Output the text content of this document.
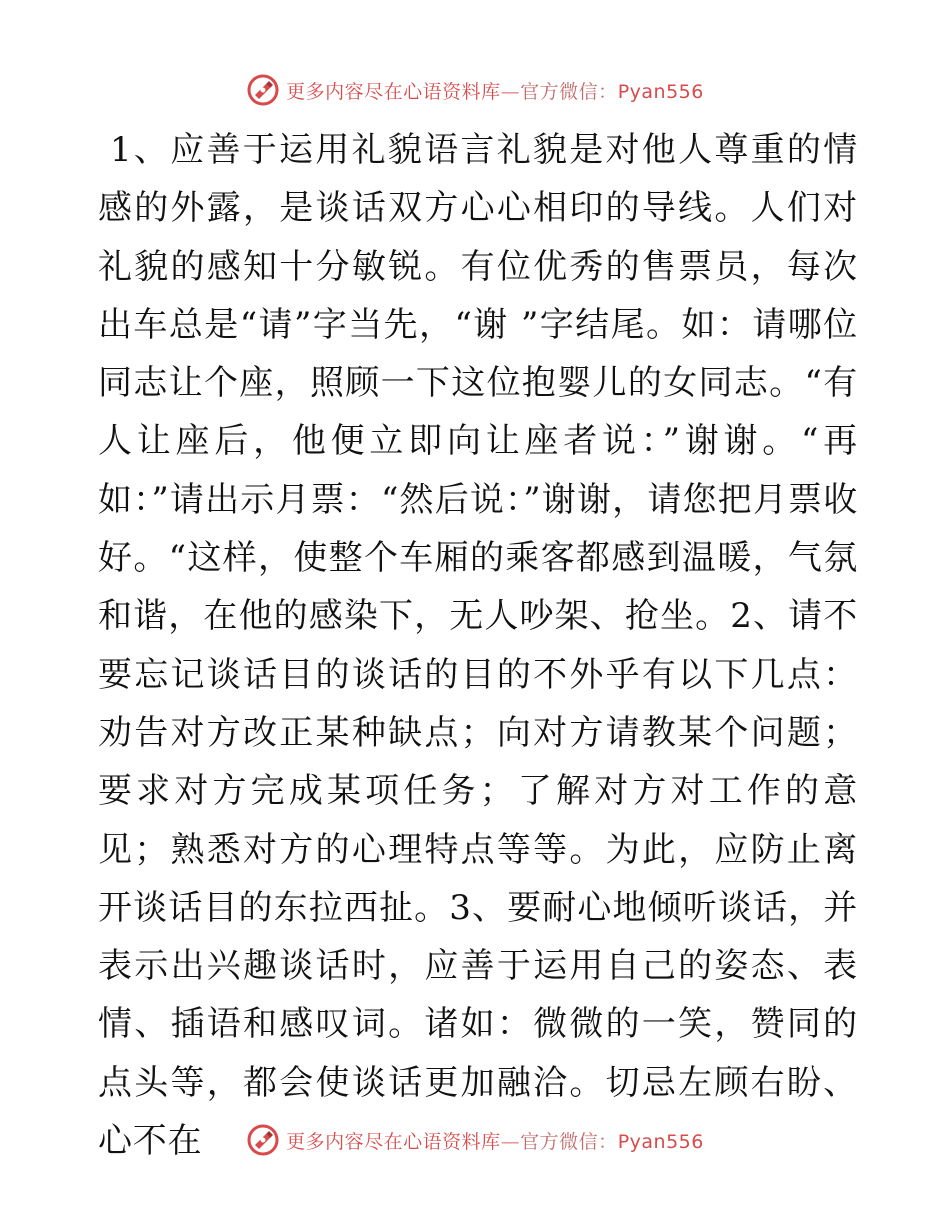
更多内容尽在心语资料库—官方微信：Pyan556

1、应善于运用礼貌语言礼貌是对他人尊重的情感的外露，是谈话双方心心相印的导线。人们对礼貌的感知十分敏锐。有位优秀的售票员，每次出车总是“请”字当先，“谢 ”字结尾。如：请哪位同志让个座，照顾一下这位抱婴儿的女同志。“有人让座后，他便立即向让座者说：”谢谢。“再如：”请出示月票：“然后说：”谢谢，请您把月票收好。“这样，使整个车厢的乘客都感到温暖，气氛和谐，在他的感染下，无人吵架、抢坐。2、请不要忘记谈话目的谈话的目的不外乎有以下几点：劝告对方改正某种缺点；向对方请教某个问题；要求对方完成某项任务；了解对方对工作的意见；熟悉对方的心理特点等等。为此，应防止离开谈话目的东拉西扯。3、要耐心地倾听谈话，并表示出兴趣谈话时，应善于运用自己的姿态、表情、插语和感叹词。诸如：微微的一笑，赞同的点头等，都会使谈话更加融洽。切忌左顾右盼、心不在	更多内容尽在心语资料库—官方微信：Pyan556
